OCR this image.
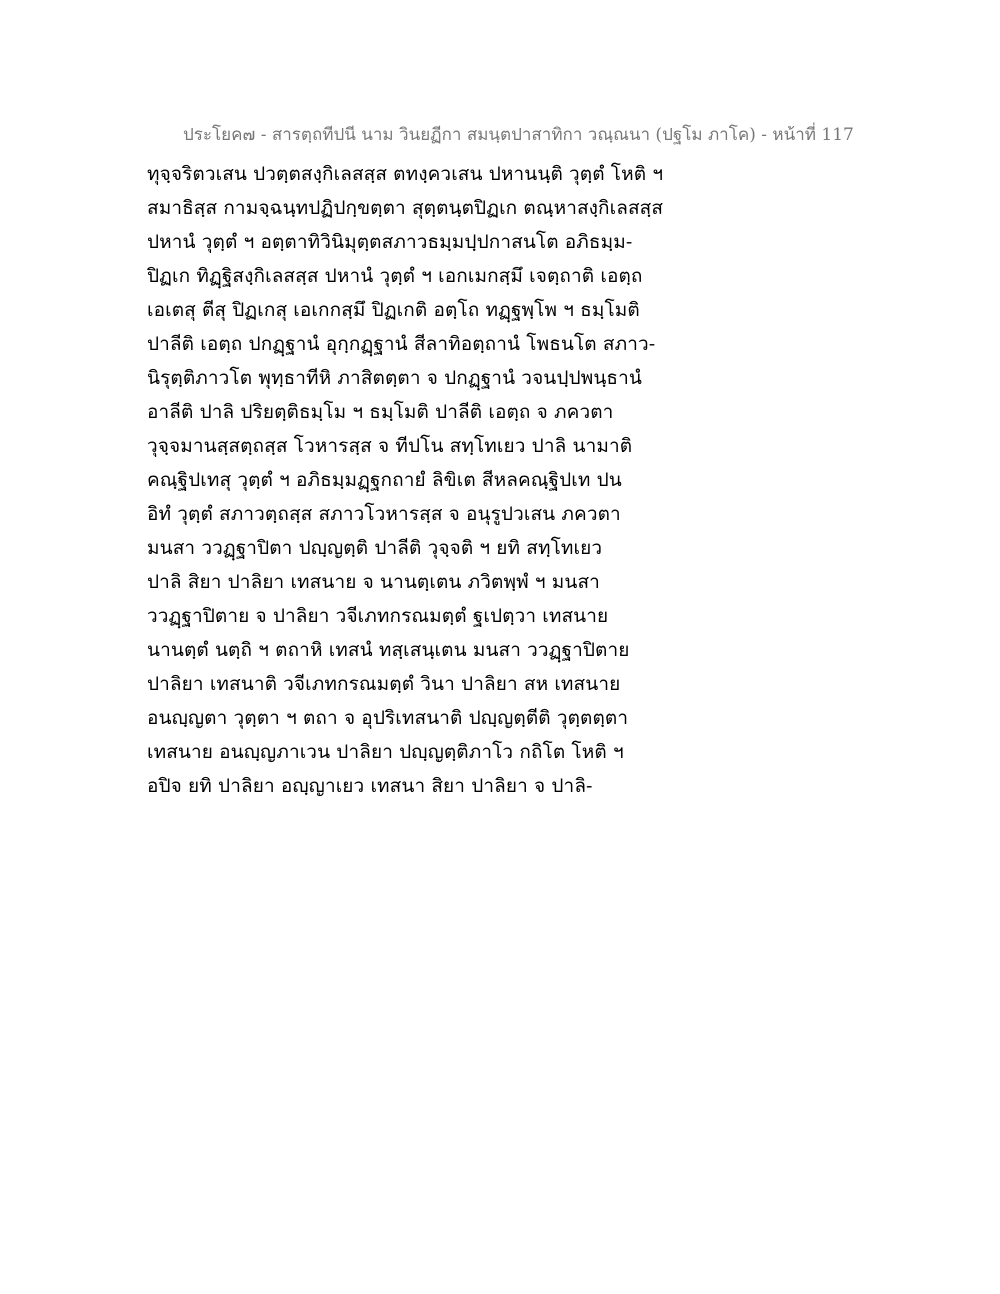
ประโยค๗ - สารตฺถทีปนี นาม วินยฏีกา สมนฺตปาสาทิกา วณฺณนา (ปฐโม ภาโค) - หน้าที่ 117
ทุจฺจริตวเสน ปวตฺตสงฺกิเลสสฺส ตทงฺควเสน ปหานนฺติ วุตฺตํ โหติ ฯ
สมาธิสฺส กามจฺฉนฺทปฏิปกฺขตฺตา สุตฺตนฺตปิฏเก ตณฺหาสงฺกิเลสสฺส
ปหานํ วุตฺตํ ฯ อตฺตาทิวินิมุตฺตสภาวธมฺมปฺปกาสนโต อภิธมฺม-
ปิฏเก ทิฏฺฐิสงฺกิเลสสฺส ปหานํ วุตฺตํ ฯ เอกเมกสฺมึ เจตฺถาติ เอตฺถ
เอเตสุ ตีสุ ปิฏเกสุ เอเกกสฺมึ ปิฏเกติ อตฺโถ ทฏฺฐพฺโพ ฯ ธมฺโมติ
ปาลีติ เอตฺถ ปกฏฺฐานํ อุกฺกฏฺฐานํ สีลาทิอตฺถานํ โพธนโต สภาว-
นิรุตฺติภาวโต พุทฺธาทีหิ ภาสิตตฺตา จ ปกฏฺฐานํ วจนปฺปพนฺธานํ
อาลีติ ปาลิ ปริยตฺติธมฺโม ฯ ธมฺโมติ ปาลีติ เอตฺถ จ ภควตา
วุจฺจมานสฺสตฺถสฺส โวหารสฺส จ ทีปโน สทฺโทเยว ปาลิ นามาติ
คณฺฐิปเทสุ วุตฺตํ ฯ อภิธมฺมฏฺฐกถายํ ลิขิเต สีหลคณฺฐิปเท ปน
อิทํ วุตฺตํ สภาวตฺถสฺส สภาวโวหารสฺส จ อนุรูปวเสน ภควตา
มนสา ววฏฺฐาปิตา ปญฺญตฺติ ปาลีติ วุจฺจติ ฯ ยทิ สทฺโทเยว
ปาลิ สิยา ปาลิยา เทสนาย จ นานตฺเตน ภวิตพฺพํ ฯ มนสา
ววฏฺฐาปิตาย จ ปาลิยา วจีเภทกรณมตฺตํ ฐเปตฺวา เทสนาย
นานตฺตํ นตฺถิ ฯ ตถาหิ เทสนํ ทสฺเสนฺเตน มนสา ววฏฺฐาปิตาย
ปาลิยา เทสนาติ วจีเภทกรณมตฺตํ วินา ปาลิยา สห เทสนาย
อนญฺญตา วุตฺตา ฯ ตถา จ อุปริเทสนาติ ปญฺญตฺตีติ วุตฺตตฺตา
เทสนาย อนญฺญภาเวน ปาลิยา ปญฺญตฺติภาโว กถิโต โหติ ฯ
อปิจ ยทิ ปาลิยา อญฺญาเยว เทสนา สิยา ปาลิยา จ ปาลิ-
